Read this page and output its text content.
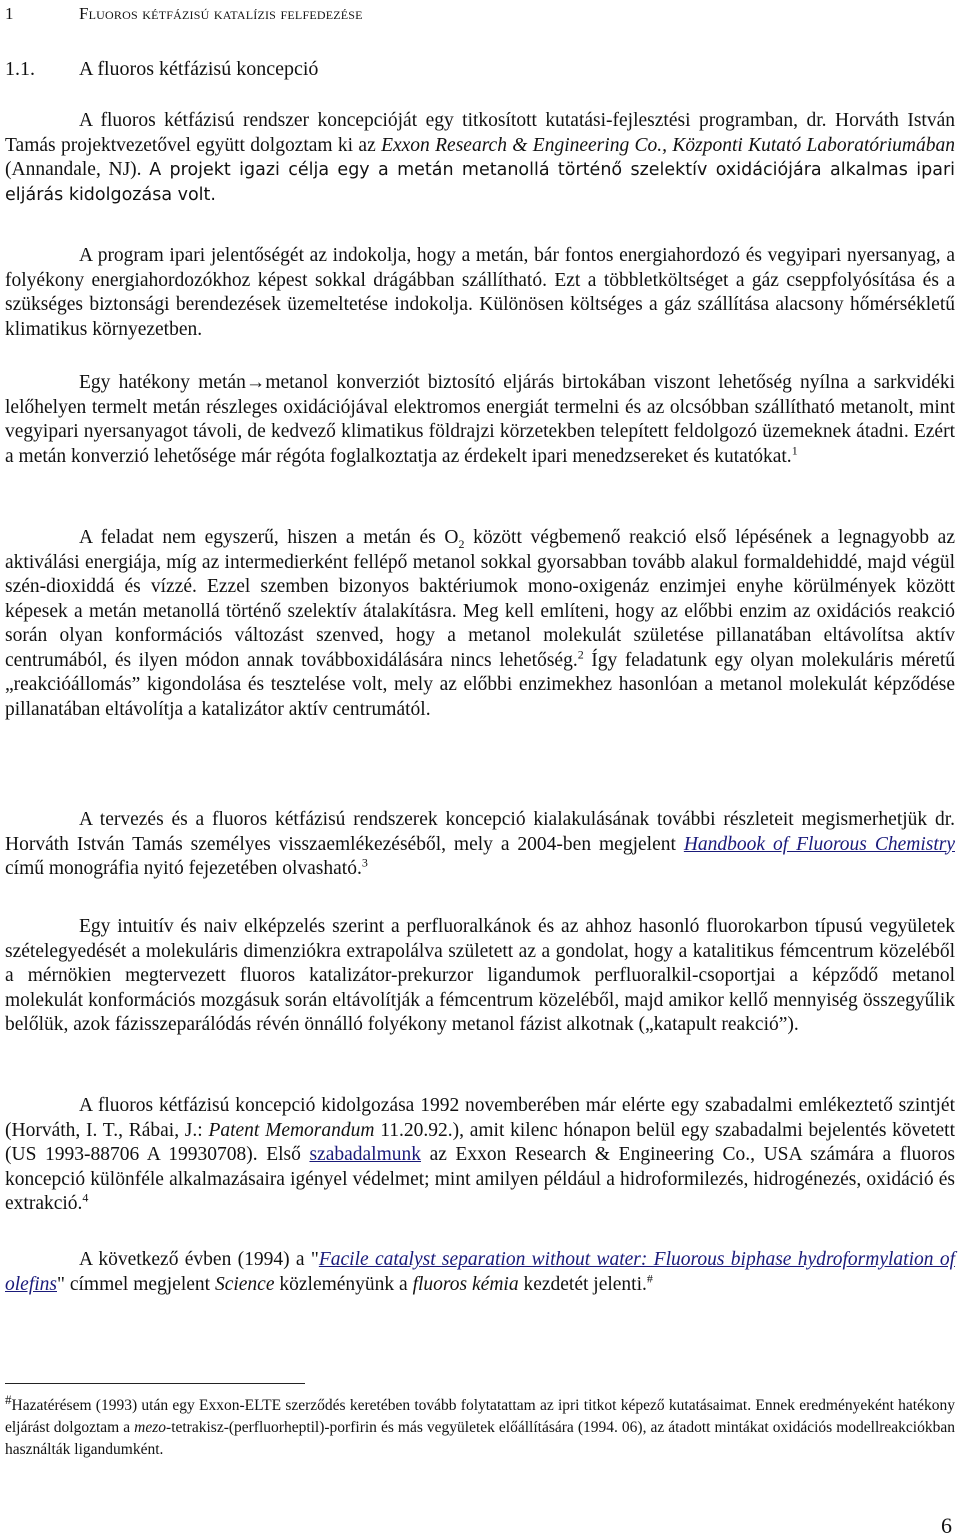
1	Fluoros kétfázisú katalízis felfedezése
1.1. A fluoros kétfázisú koncepció

A fluoros kétfázisú rendszer koncepcióját egy titkosított kutatási-fejlesztési programban, dr. Horváth István Tamás projektvezetővel együtt dolgoztam ki az Exxon Research & Engineering Co., Központi Kutató Laboratóriumában (Annandale, NJ). A projekt igazi célja egy a metán metanollá történő szelektív oxidációjára alkalmas ipari eljárás kidolgozása volt.

A program ipari jelentőségét az indokolja, hogy a metán, bár fontos energiahordozó és vegyipari nyersanyag, a folyékony energiahordozókhoz képest sokkal drágábban szállítható. Ezt a többletköltséget a gáz cseppfolyósítása és a szükséges biztonsági berendezések üzemeltetése indokolja. Különösen költséges a gáz szállítása alacsony hőmérsékletű klimatikus környezetben.

Egy hatékony metán→metanol konverziót biztosító eljárás birtokában viszont lehetőség nyílna a sarkvidéki lelőhelyen termelt metán részleges oxidációjával elektromos energiát termelni és az olcsóbban szállítható metanolt, mint vegyipari nyersanyagot távoli, de kedvező klimatikus földrajzi körzetekben telepített feldolgozó üzemeknek átadni. Ezért a metán konverzió lehetősége már régóta foglalkoztatja az érdekelt ipari menedzsereket és kutatókat.$^1$

A feladat nem egyszerű, hiszen a metán és $O_2$ között végbemenő reakció első lépésének a legnagyobb az aktiválási energiája, míg az intermedierként fellépő metanol sokkal gyorsabban tovább alakul formaldehiddé, majd végül szén-dioxiddá és vízzé. Ezzel szemben bizonyos baktériumok mono-oxigenáz enzimjei enyhe körülmények között képesek a metán metanollá történő szelektív átalakításra. Meg kell említeni, hogy az előbbi enzim az oxidációs reakció során olyan konformációs változást szenved, hogy a metanol molekulát születése pillanatában eltávolítsa aktív centrumából, és ilyen módon annak továbboxidálására nincs lehetőség.$^2$ Így feladatunk egy olyan molekuláris méretű „reakcióállomás” kigondolása és tesztelése volt, mely az előbbi enzimekhez hasonlóan a metanol molekulát képződése pillanatában eltávolítja a katalizátor aktív centrumától.

A tervezés és a fluoros kétfázisú rendszerek koncepció kialakulásának további részleteit megismerhetjük dr. Horváth István Tamás személyes visszaemlékezéséből, mely a 2004-ben megjelent Handbook of Fluorous Chemistry című monográfia nyitó fejezetében olvasható.$^3$

Egy intuitív és naiv elképzelés szerint a perfluoralkánok és az ahhoz hasonló fluorokarbon típusú vegyületek szételegyedését a molekuláris dimenziókra extrapolálva született az a gondolat, hogy a katalitikus fémcentrum közeléből a mérnökien megtervezett fluoros katalizátor-prekurzor ligandumok perfluoralkil-csoportjai a képződő metanol molekulát konformációs mozgásuk során eltávolítják a fémcentrum közeléből, majd amikor kellő mennyiség összegyűlik belőlük, azok fázisszeparálódás révén önnálló folyékony metanol fázist alkotnak („katapult reakció”).

A fluoros kétfázisú koncepció kidolgozása 1992 novemberében már elérte egy szabadalmi emlékeztető szintjét (Horváth, I. T., Rábai, J.: Patent Memorandum 11.20.92.), amit kilenc hónapon belül egy szabadalmi bejelentés követett (US 1993-88706 A 19930708). Első szabadalmunk az Exxon Research & Engineering Co., USA számára a fluoros koncepció különféle alkalmazásaira igényel védelmet; mint amilyen például a hidroformilezés, hidrogénezés, oxidáció és extrakció.$^4$

A következő évben (1994) a "Facile catalyst separation without water: Fluorous biphase hydroformylation of olefins" címmel megjelent Science közleményünk a fluoros kémia kezdetét jelenti.#

#Hazatérésem (1993) után egy Exxon-ELTE szerződés keretében tovább folytatattam az ipri titkot képező kutatásaimat. Ennek eredményeként hatékony eljárást dolgoztam a mezo-tetrakisz-(perfluorheptil)-porfirin és más vegyületek előállítására (1994. 06), az átadott mintákat oxidációs modellreakciókban használták ligandumként.

6
